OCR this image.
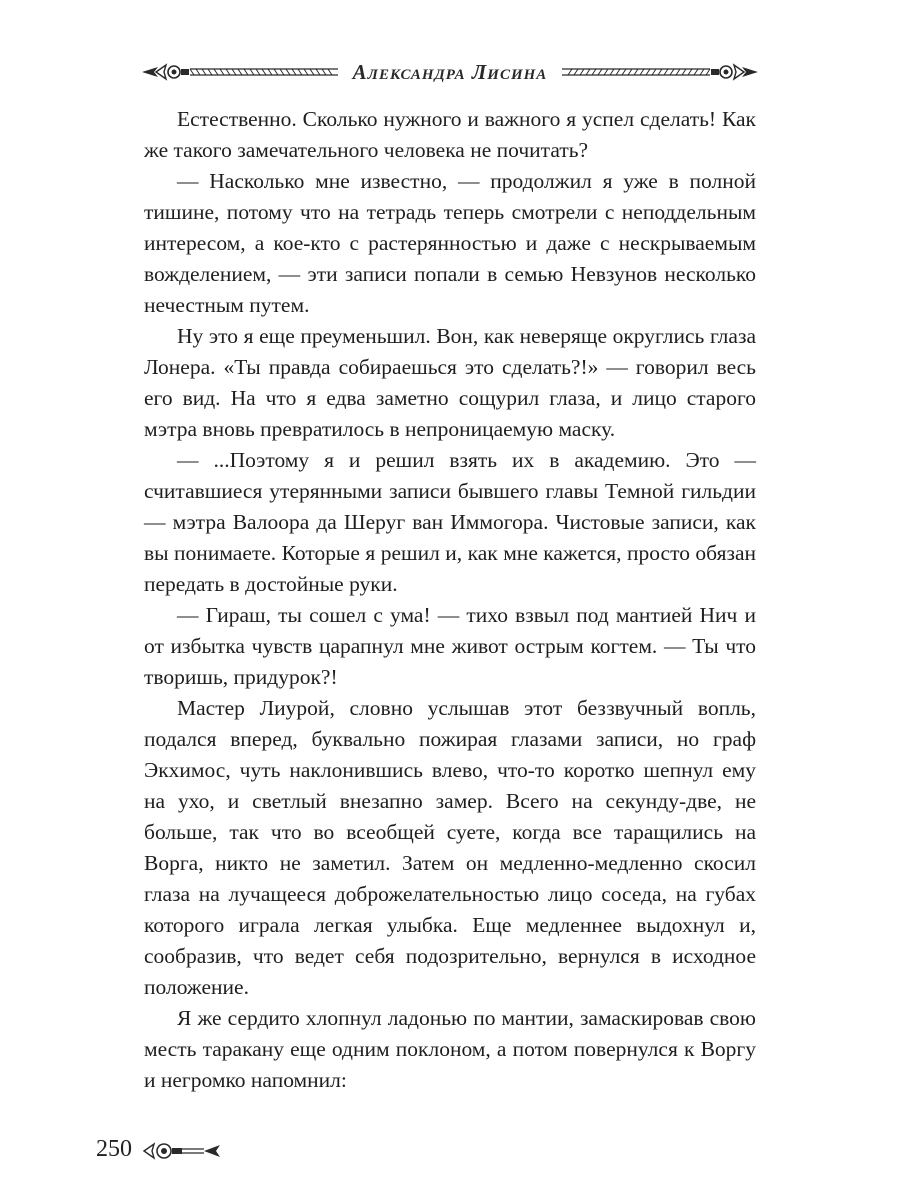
Александра Лисина

Естественно. Сколько нужного и важного я успел сделать! Как же такого замечательного человека не почитать?

— Насколько мне известно, — продолжил я уже в полной тишине, потому что на тетрадь теперь смотрели с неподдельным интересом, а кое-кто с растерянностью и даже с нескрываемым вожделением, — эти записи попали в семью Невзунов несколько нечестным путем.

Ну это я еще преуменьшил. Вон, как неверяще округлись глаза Лонера. «Ты правда собираешься это сделать?!» — говорил весь его вид. На что я едва заметно сощурил глаза, и лицо старого мэтра вновь превратилось в непроницаемую маску.

— ...Поэтому я и решил взять их в академию. Это — считавшиеся утерянными записи бывшего главы Темной гильдии — мэтра Валоора да Шеруг ван Иммогора. Чистовые записи, как вы понимаете. Которые я решил и, как мне кажется, просто обязан передать в достойные руки.

— Гираш, ты сошел с ума! — тихо взвыл под мантией Нич и от избытка чувств царапнул мне живот острым когтем. — Ты что творишь, придурок?!

Мастер Лиурой, словно услышав этот беззвучный вопль, подался вперед, буквально пожирая глазами записи, но граф Экхимос, чуть наклонившись влево, что-то коротко шепнул ему на ухо, и светлый внезапно замер. Всего на секунду-две, не больше, так что во всеобщей суете, когда все таращились на Ворга, никто не заметил. Затем он медленно-медленно скосил глаза на лучащееся доброжелательностью лицо соседа, на губах которого играла легкая улыбка. Еще медленнее выдохнул и, сообразив, что ведет себя подозрительно, вернулся в исходное положение.

Я же сердито хлопнул ладонью по мантии, замаскировав свою месть таракану еще одним поклоном, а потом повернулся к Воргу и негромко напомнил:

250
